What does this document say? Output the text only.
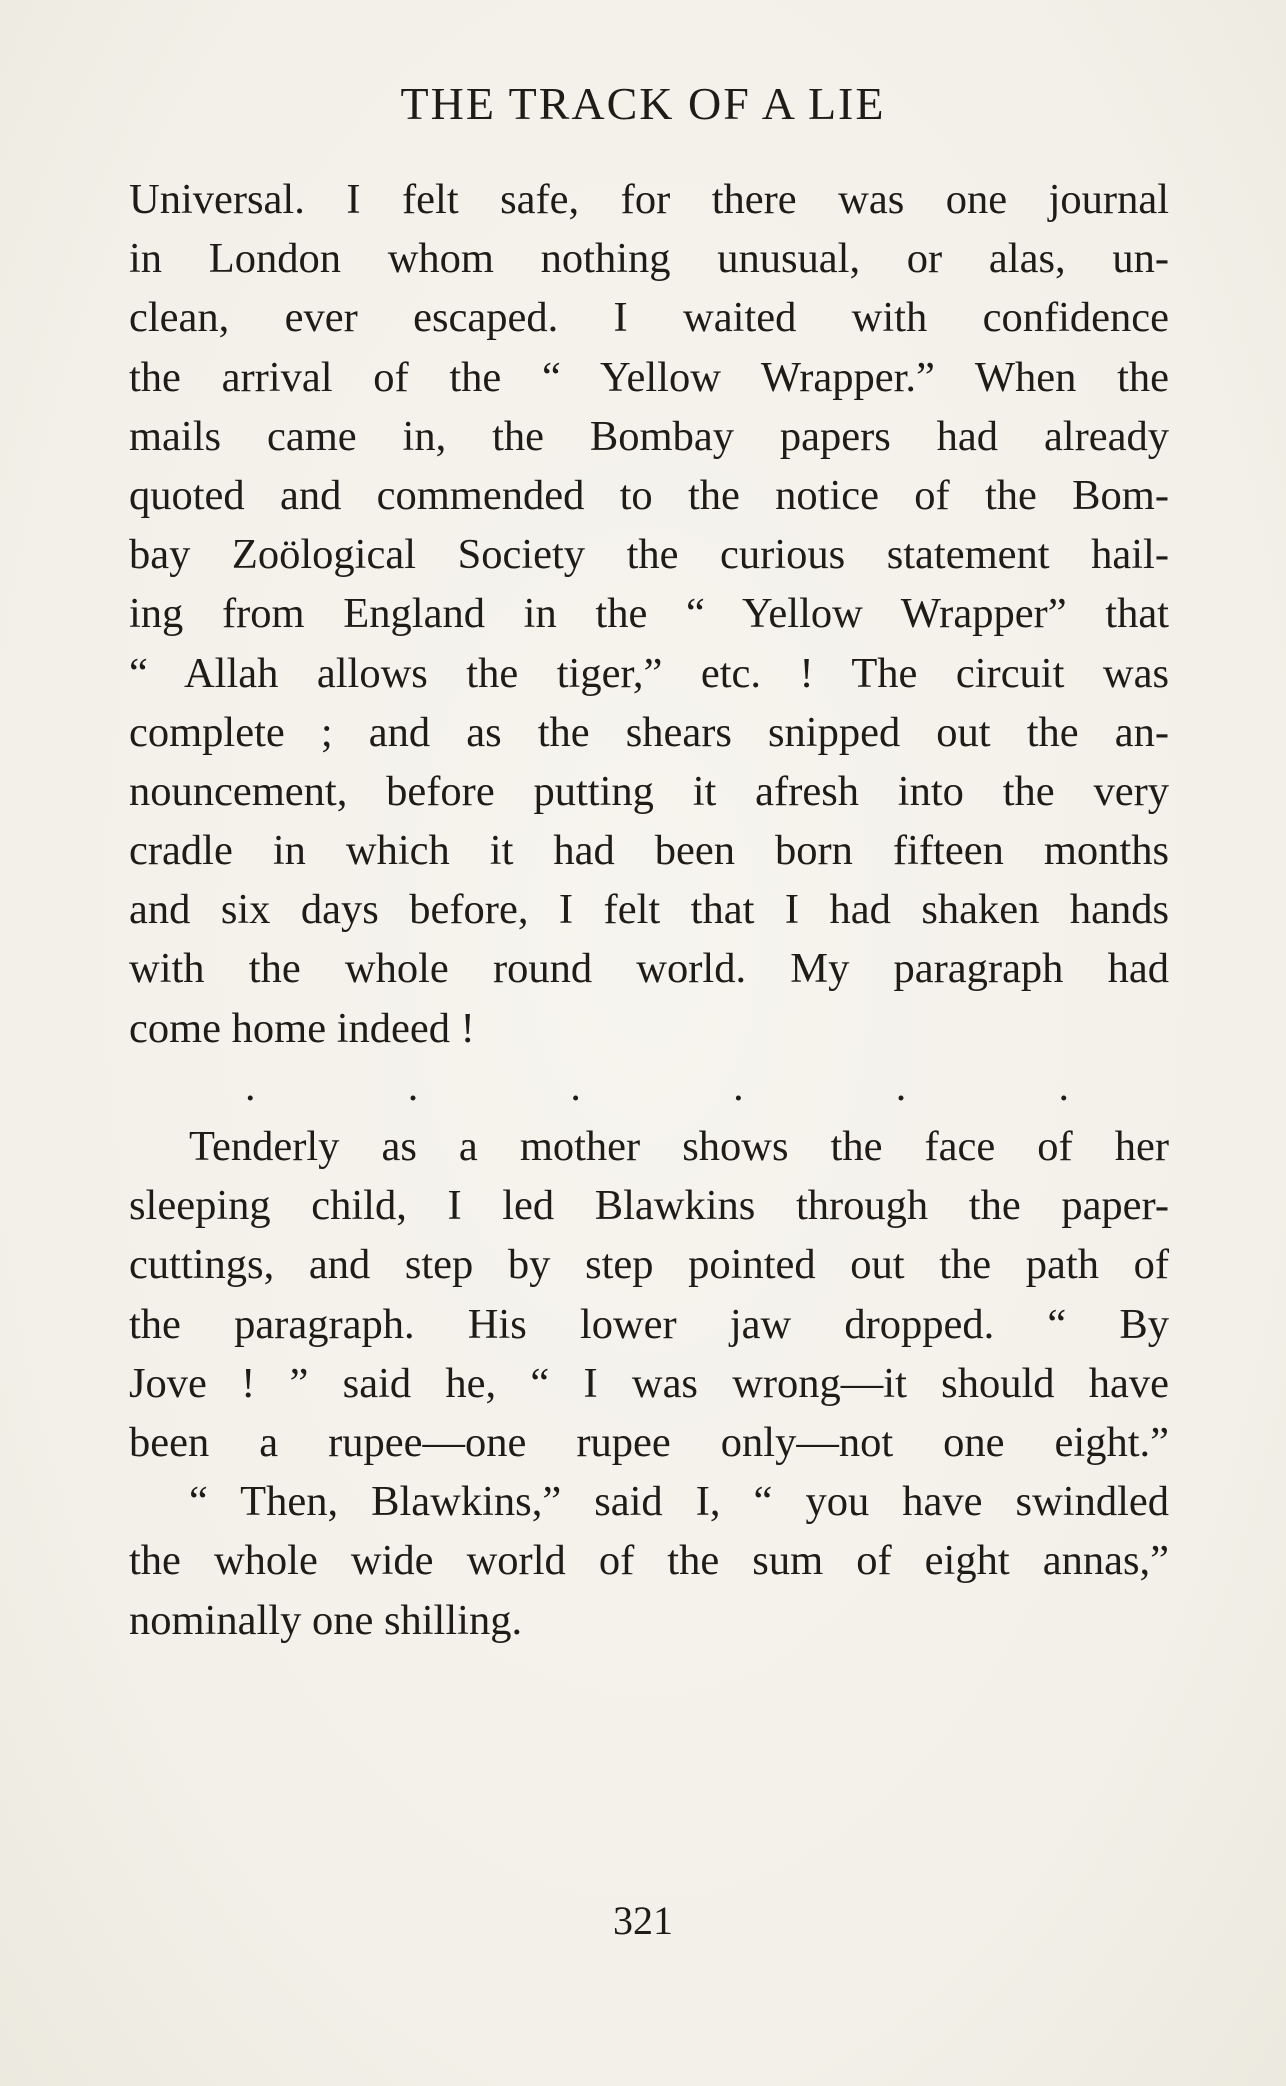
THE TRACK OF A LIE
Universal. I felt safe, for there was one journal
in London whom nothing unusual, or alas, un-
clean, ever escaped. I waited with confidence
the arrival of the “ Yellow Wrapper.” When the
mails came in, the Bombay papers had already
quoted and commended to the notice of the Bom-
bay Zoölogical Society the curious statement hail-
ing from England in the “ Yellow Wrapper” that
“ Allah allows the tiger,” etc. ! The circuit was
complete ; and as the shears snipped out the an-
nouncement, before putting it afresh into the very
cradle in which it had been born fifteen months
and six days before, I felt that I had shaken hands
with the whole round world. My paragraph had
come home indeed !
.	.	.	.	.	.
Tenderly as a mother shows the face of her
sleeping child, I led Blawkins through the paper-
cuttings, and step by step pointed out the path of
the paragraph. His lower jaw dropped. “ By
Jove ! ” said he, “ I was wrong—it should have
been a rupee—one rupee only—not one eight.”
“ Then, Blawkins,” said I, “ you have swindled
the whole wide world of the sum of eight annas,”
nominally one shilling.
321
